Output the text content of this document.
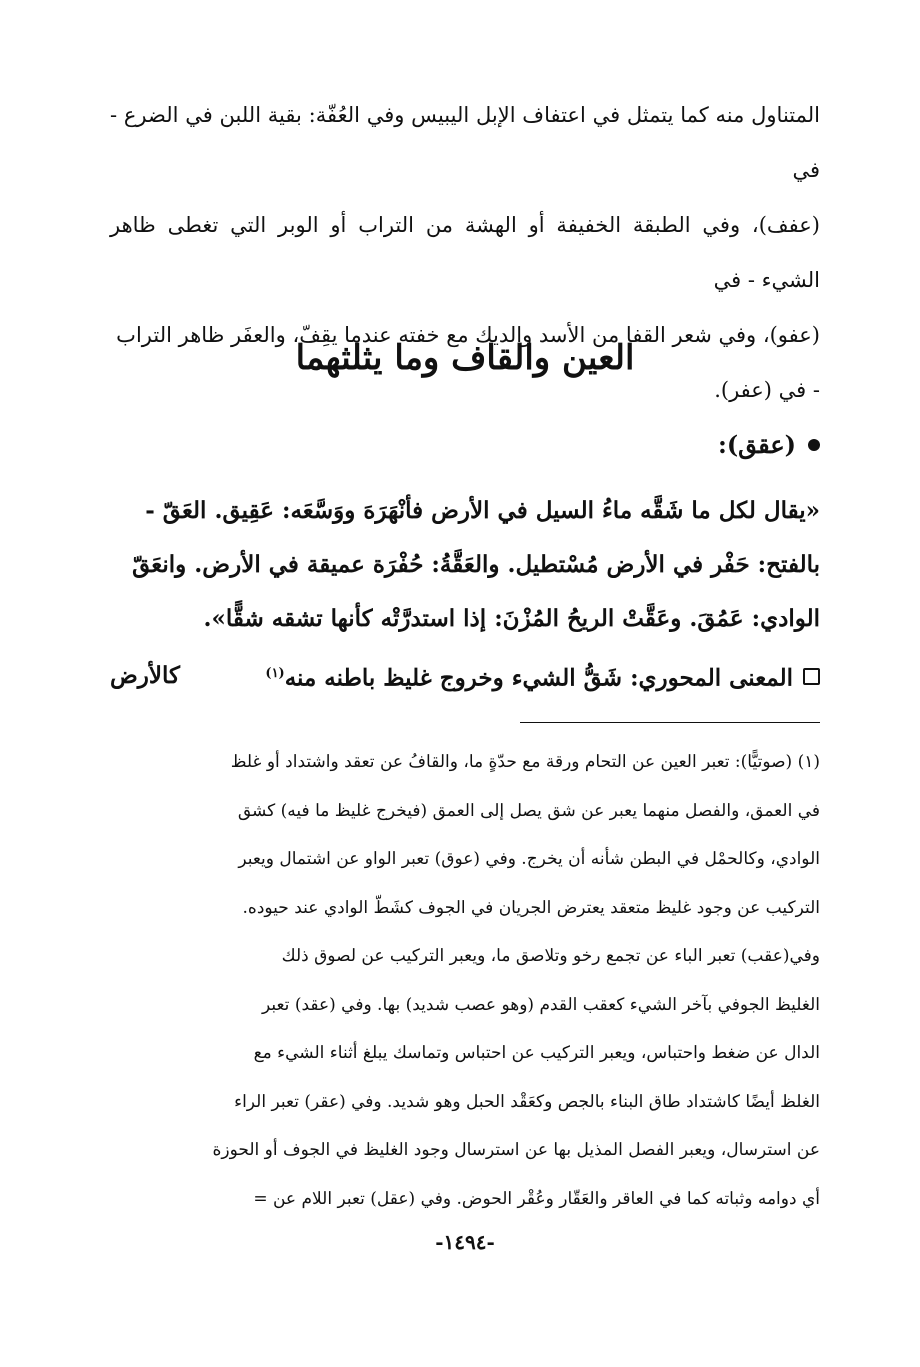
المتناول منه كما يتمثل في اعتفاف الإبل اليبيس وفي العُفّة: بقية اللبن في الضرع - في

(عفف)، وفي الطبقة الخفيفة أو الهشة من التراب أو الوبر التي تغطى ظاهر الشيء - في

(عفو)، وفي شعر القفا من الأسد والديك مع خفته عندما يقِفّ، والعفَر ظاهر التراب

- في (عفر).

العين والقاف وما يثلثهما
(عقق):

«يقال لكل ما شَقَّه ماءُ السيل في الأرض فأنْهَرَهَ ووَسَّعَه: عَقِيق. العَقّ -

بالفتح: حَفْر في الأرض مُسْتطيل. والعَقَّةُ: حُفْرَة عميقة في الأرض. وانعَقّ

الوادي: عَمُقَ. وعَقَّتْ الريحُ المُزْنَ: إذا استدرَّتْه كأنها تشقه شقًّا».

المعنى المحوري: شَقُّ الشيء وخروج غليظ باطنه منه$^{(١)}$
كالأرض

(١) (صوتيًّا): تعبر العين عن التحام ورقة مع حدّةٍ ما، والقافُ عن تعقد واشتداد أو غلظ

في العمق، والفصل منهما يعبر عن شق يصل إلى العمق (فيخرج غليظ ما فيه) كشق

الوادي، وكالحمْل في البطن شأنه أن يخرج. وفي (عوق) تعبر الواو عن اشتمال ويعبر

التركيب عن وجود غليظ متعقد يعترض الجريان في الجوف كشَطّ الوادي عند حيوده.

وفي(عقب) تعبر الباء عن تجمع رخو وتلاصق ما، ويعبر التركيب عن لصوق ذلك

الغليظ الجوفي بآخر الشيء كعقب القدم (وهو عصب شديد) بها. وفي (عقد) تعبر

الدال عن ضغط واحتباس، ويعبر التركيب عن احتباس وتماسك يبلغ أثناء الشيء مع

الغلظ أيضًا كاشتداد طاق البناء بالجص وكعَقْد الحبل وهو شديد. وفي (عقر) تعبر الراء

عن استرسال، ويعبر الفصل المذيل بها عن استرسال وجود الغليظ في الجوف أو الحوزة

أي دوامه وثباته كما في العاقر والعَقّار وعُقْر الحوض. وفي (عقل) تعبر اللام عن =

-١٤٩٤-
